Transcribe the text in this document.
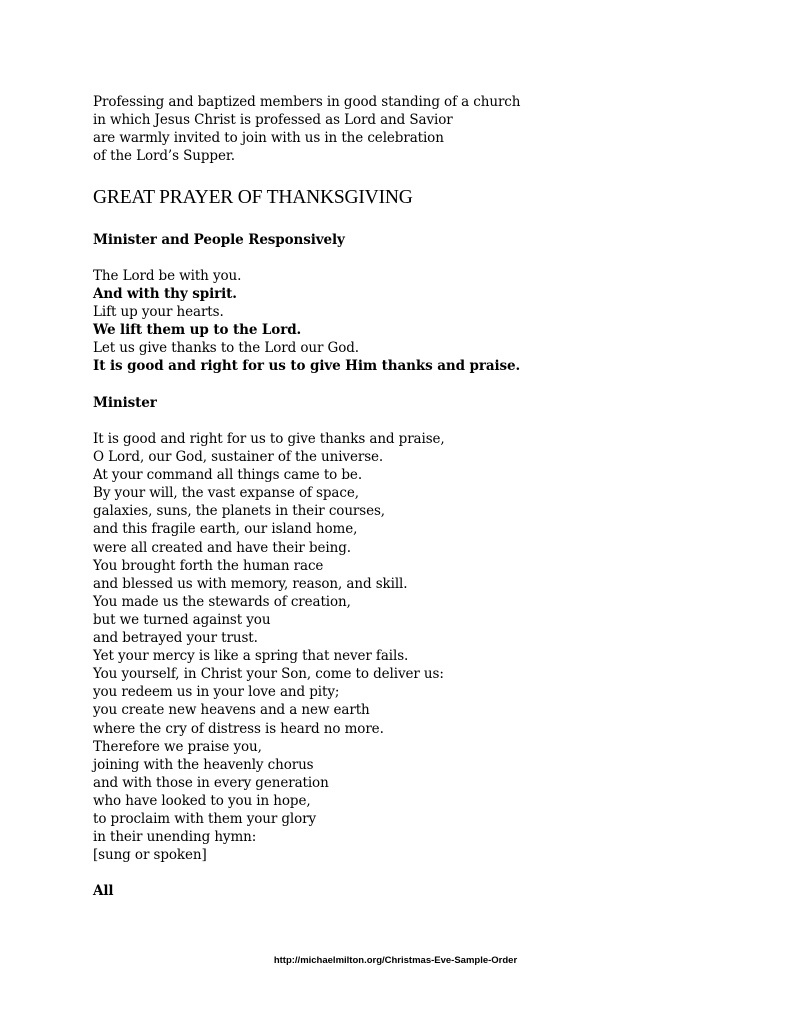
Professing and baptized members in good standing of a church
in which Jesus Christ is professed as Lord and Savior
are warmly invited to join with us in the celebration
of the Lord’s Supper.
GREAT PRAYER OF THANKSGIVING
Minister and People Responsively
The Lord be with you.
And with thy spirit.
Lift up your hearts.
We lift them up to the Lord.
Let us give thanks to the Lord our God.
It is good and right for us to give Him thanks and praise.
Minister
It is good and right for us to give thanks and praise,
O Lord, our God, sustainer of the universe.
At your command all things came to be.
By your will, the vast expanse of space,
galaxies, suns, the planets in their courses,
and this fragile earth, our island home,
were all created and have their being.
You brought forth the human race
and blessed us with memory, reason, and skill.
You made us the stewards of creation,
but we turned against you
and betrayed your trust.
Yet your mercy is like a spring that never fails.
You yourself, in Christ your Son, come to deliver us:
you redeem us in your love and pity;
you create new heavens and a new earth
where the cry of distress is heard no more.
Therefore we praise you,
joining with the heavenly chorus
and with those in every generation
who have looked to you in hope,
to proclaim with them your glory
in their unending hymn:
[sung or spoken]
All
http://michaelmilton.org/Christmas-Eve-Sample-Order
